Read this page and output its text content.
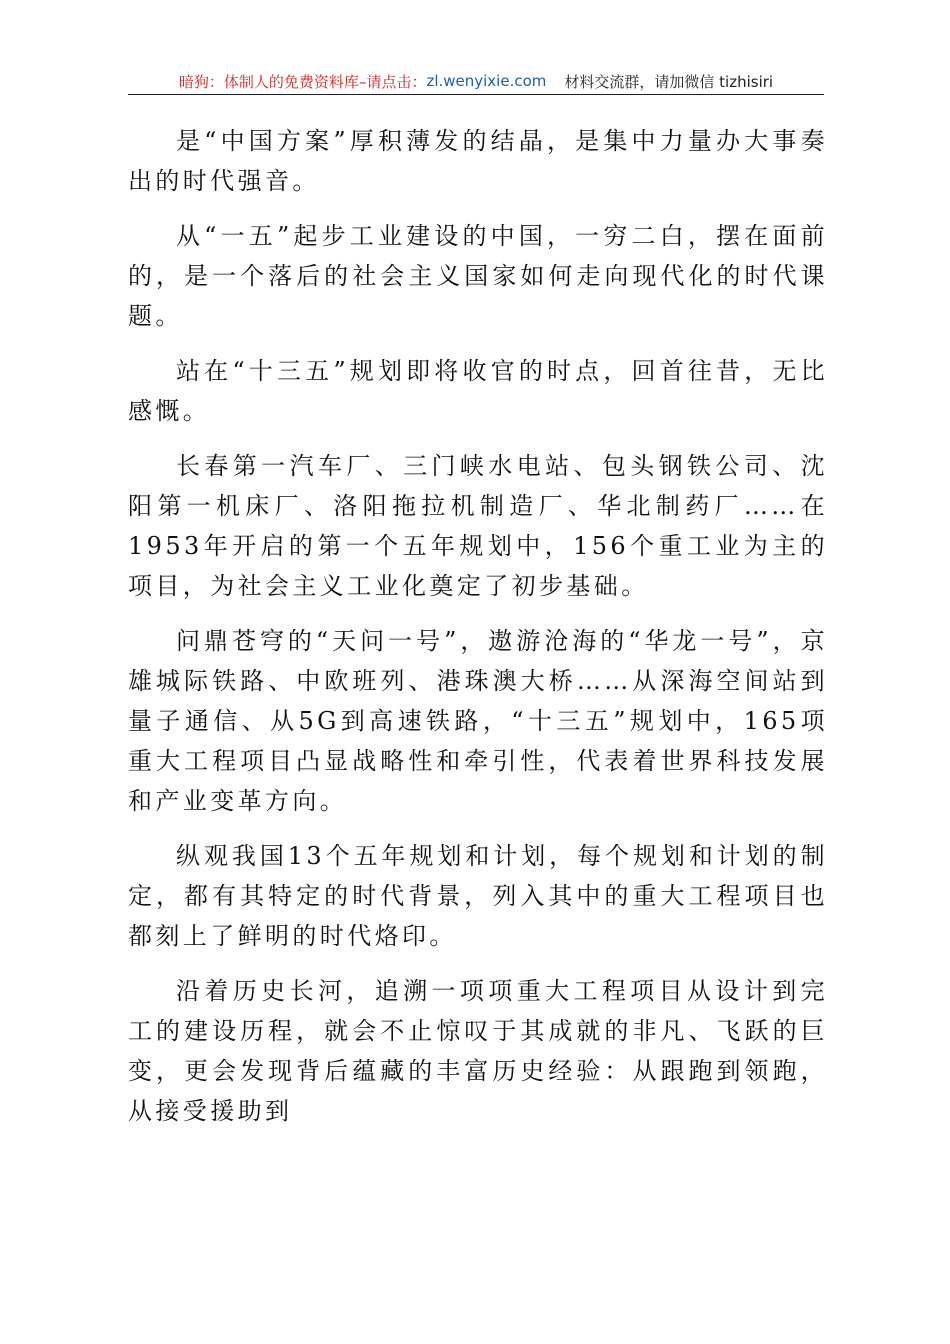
暗狗：体制人的免费资料库 –请点击： zl.wenyixie.com 材料交流群，请加微信 tizhisiri

是“中国方案”厚积薄发的结晶，是集中力量办大事奏出的时代强音。

从“一五”起步工业建设的中国，一穷二白，摆在面前的，是一个落后的社会主义国家如何走向现代化的时代课题。

站在“十三五”规划即将收官的时点，回首往昔，无比感慨。

长春第一汽车厂、三门峡水电站、包头钢铁公司、沈阳第一机床厂、洛阳拖拉机制造厂、华北制药厂……在1953年开启的第一个五年规划中，156个重工业为主的项目，为社会主义工业化奠定了初步基础。

问鼎苍穹的“天问一号”，遨游沧海的“华龙一号”，京雄城际铁路、中欧班列、港珠澳大桥……从深海空间站到量子通信、从5G到高速铁路，“十三五”规划中，165项重大工程项目凸显战略性和牵引性，代表着世界科技发展和产业变革方向。

纵观我国13个五年规划和计划，每个规划和计划的制定，都有其特定的时代背景，列入其中的重大工程项目也都刻上了鲜明的时代烙印。

沿着历史长河，追溯一项项重大工程项目从设计到完工的建设历程，就会不止惊叹于其成就的非凡、飞跃的巨变，更会发现背后蕴藏的丰富历史经验：从跟跑到领跑，从接受援助到
